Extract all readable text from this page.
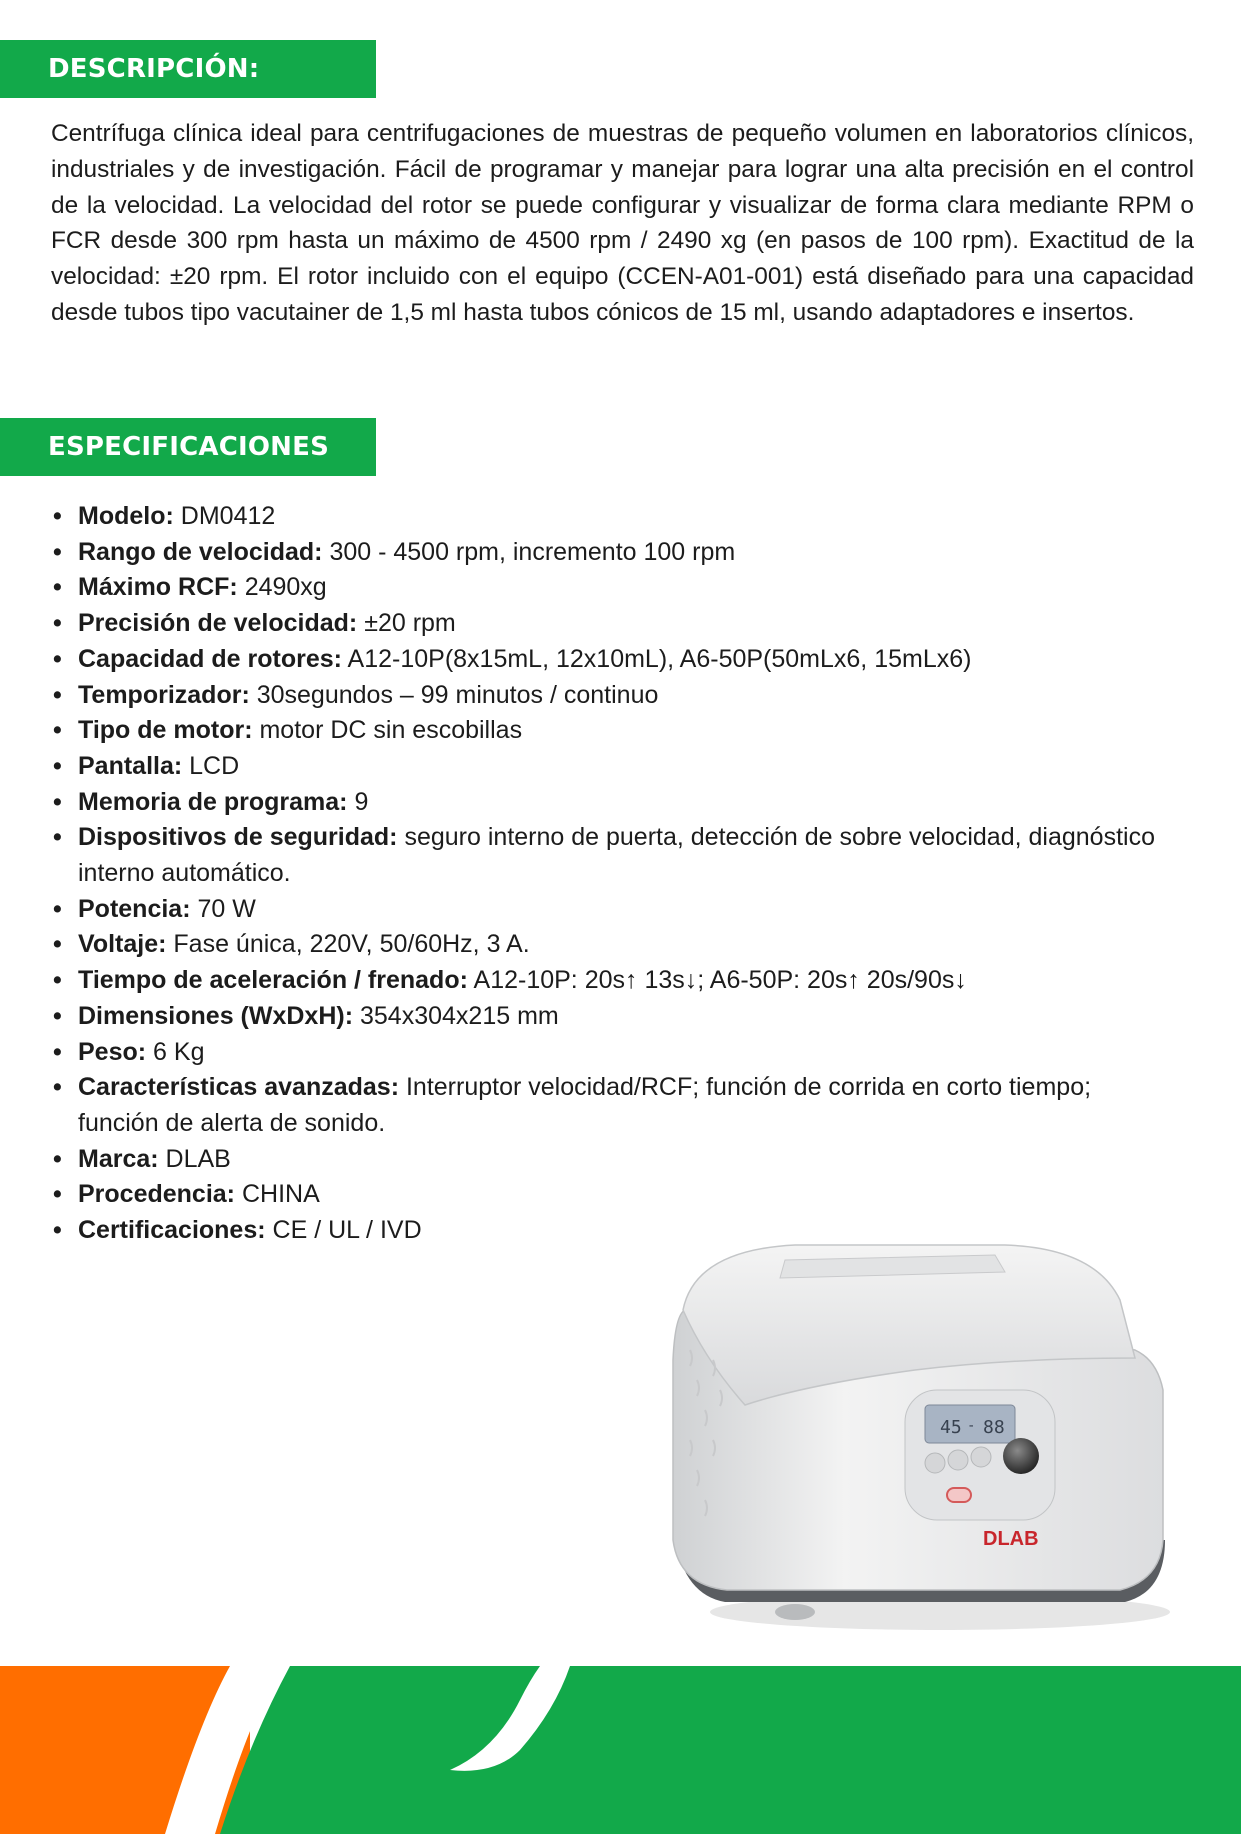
DESCRIPCIÓN:

Centrífuga clínica ideal para centrifugaciones de muestras de pequeño volumen en laboratorios clínicos, industriales y de investigación. Fácil de programar y manejar para lograr una alta precisión en el control de la velocidad. La velocidad del rotor se puede configurar y visualizar de forma clara mediante RPM o FCR desde 300 rpm hasta un máximo de 4500 rpm / 2490 xg (en pasos de 100 rpm). Exactitud de la velocidad: ±20 rpm. El rotor incluido con el equipo (CCEN-A01-001) está diseñado para una capacidad desde tubos tipo vacutainer de 1,5 ml hasta tubos cónicos de 15 ml, usando adaptadores e insertos.

ESPECIFICACIONES
• Modelo: DM0412
• Rango de velocidad: 300 - 4500 rpm, incremento 100 rpm
• Máximo RCF: 2490xg
• Precisión de velocidad: ±20 rpm
• Capacidad de rotores: A12-10P(8x15mL, 12x10mL), A6-50P(50mLx6, 15mLx6)
• Temporizador: 30segundos – 99 minutos / continuo
• Tipo de motor: motor DC sin escobillas
• Pantalla: LCD
• Memoria de programa: 9
• Dispositivos de seguridad: seguro interno de puerta, detección de sobre velocidad, diagnóstico interno automático.
• Potencia: 70 W
• Voltaje: Fase única, 220V, 50/60Hz, 3 A.
• Tiempo de aceleración / frenado: A12-10P: 20s↑ 13s↓; A6-50P: 20s↑ 20s/90s↓
• Dimensiones (WxDxH): 354x304x215 mm
• Peso: 6 Kg
• Características avanzadas: Interruptor velocidad/RCF; función de corrida en corto tiempo; función de alerta de sonido.
• Marca: DLAB
• Procedencia: CHINA
• Certificaciones: CE / UL / IVD
45 - 88
DLAB
